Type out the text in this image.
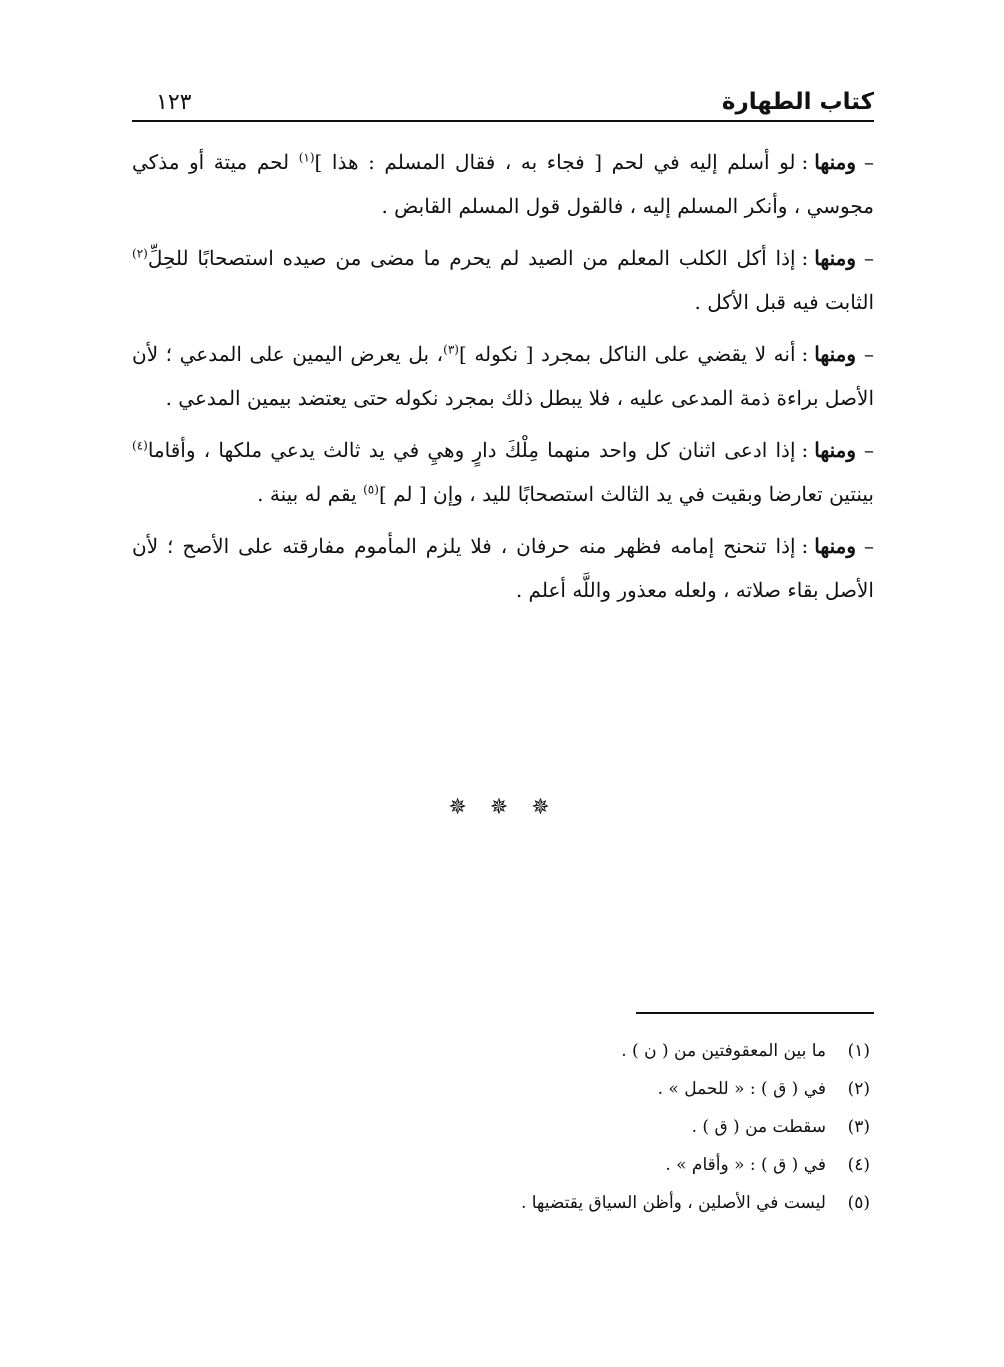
كتاب الطهارة
١٢٣

–ومنها:لو أسلم إليه في لحم [ فجاء به ، فقال المسلم : هذا ]$^{(١)}$ لحم ميتة أو مذكي مجوسي ، وأنكر المسلم إليه ، فالقول قول المسلم القابض .

–ومنها:إذا أكل الكلب المعلم من الصيد لم يحرم ما مضى من صيده استصحابًا للحِلِّ$^{(٢)}$ الثابت فيه قبل الأكل .

–ومنها:أنه لا يقضي على الناكل بمجرد [ نكوله ]$^{(٣)}$، بل يعرض اليمين على المدعي ؛ لأن الأصل براءة ذمة المدعى عليه ، فلا يبطل ذلك بمجرد نكوله حتى يعتضد بيمين المدعي .

–ومنها:إذا ادعى اثنان كل واحد منهما مِلْكَ دارٍ وهيِ في يد ثالث يدعي ملكها ، وأقاما$^{(٤)}$ بينتين تعارضا وبقيت في يد الثالث استصحابًا لليد ، وإن [ لم ]$^{(٥)}$ يقم له بينة .

–ومنها:إذا تنحنح إمامه فظهر منه حرفان ، فلا يلزم المأموم مفارقته على الأصح ؛ لأن الأصل بقاء صلاته ، ولعله معذور واللَّه أعلم .

✵ ✵ ✵
(١)
ما بين المعقوفتين من ( ن ) .
(٢)
في ( ق ) : « للحمل » .
(٣)
سقطت من ( ق ) .
(٤)
في ( ق ) : « وأقام » .
(٥)
ليست في الأصلين ، وأظن السياق يقتضيها .
